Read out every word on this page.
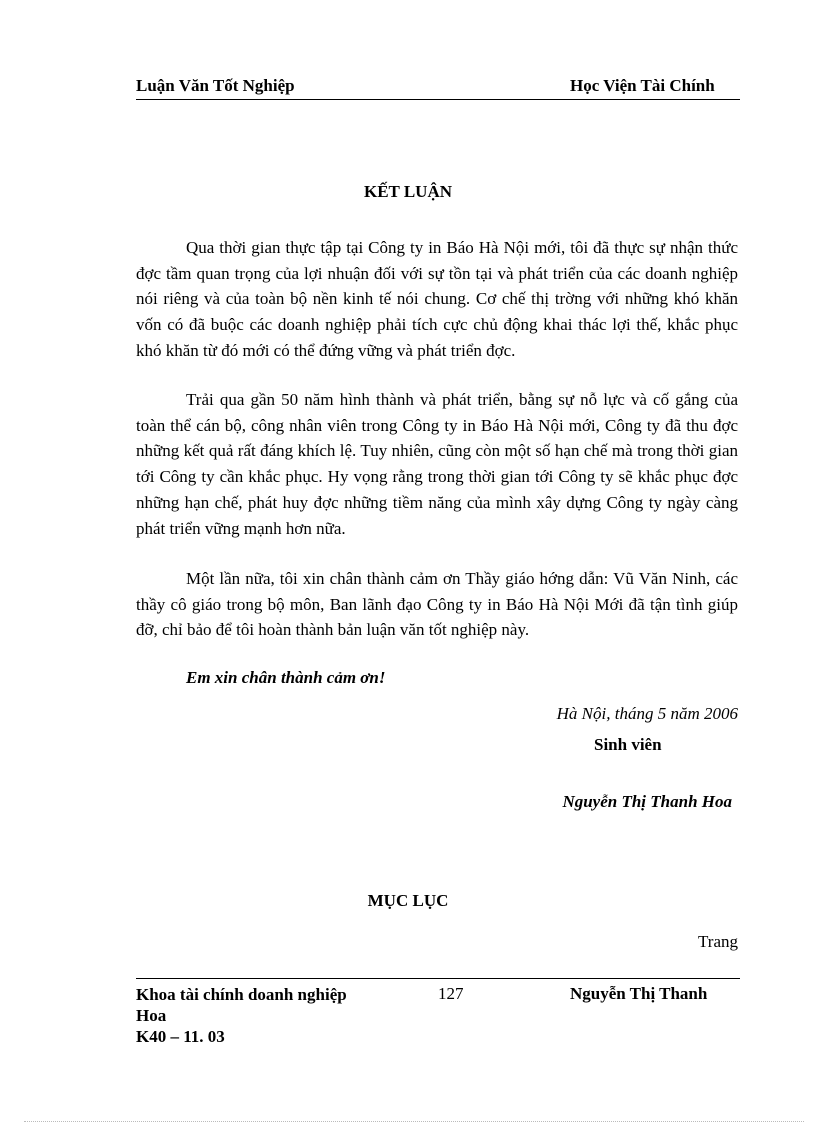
Luận Văn Tốt Nghiệp	Học Viện Tài Chính
KẾT LUẬN
Qua thời gian thực tập tại Công ty in Báo Hà Nội mới, tôi đã thực sự nhận thức đợc tầm quan trọng của lợi nhuận đối với sự tồn tại và phát triển của các doanh nghiệp nói riêng và của toàn bộ nền kinh tế nói chung. Cơ chế thị trờng với những khó khăn vốn có đã buộc các doanh nghiệp phải tích cực chủ động khai thác lợi thế, khắc phục khó khăn từ đó mới có thể đứng vững và phát triển đợc.
Trải qua gần 50 năm hình thành và phát triển, bằng sự nỗ lực và cố gắng của toàn thể cán bộ, công nhân viên trong Công ty in Báo Hà Nội mới, Công ty đã thu đợc những kết quả rất đáng khích lệ. Tuy nhiên, cũng còn một số hạn chế mà trong thời gian tới Công ty cần khắc phục. Hy vọng rằng trong thời gian tới Công ty sẽ khắc phục đợc những hạn chế, phát huy đợc những tiềm năng của mình xây dựng Công ty ngày càng phát triển vững mạnh hơn nữa.
Một lần nữa, tôi xin chân thành cảm ơn Thầy giáo hớng dẫn: Vũ Văn Ninh, các thầy cô giáo trong bộ môn, Ban lãnh đạo Công ty in Báo Hà Nội Mới đã tận tình giúp đỡ, chỉ bảo để tôi hoàn thành bản luận văn tốt nghiệp này.
Em xin chân thành cảm ơn!
Hà Nội, tháng 5 năm 2006
Sinh viên
Nguyễn Thị Thanh Hoa
MỤC LỤC
Trang
Khoa tài chính doanh nghiệp
Hoa
K40 – 11. 03
127	Nguyễn Thị Thanh
